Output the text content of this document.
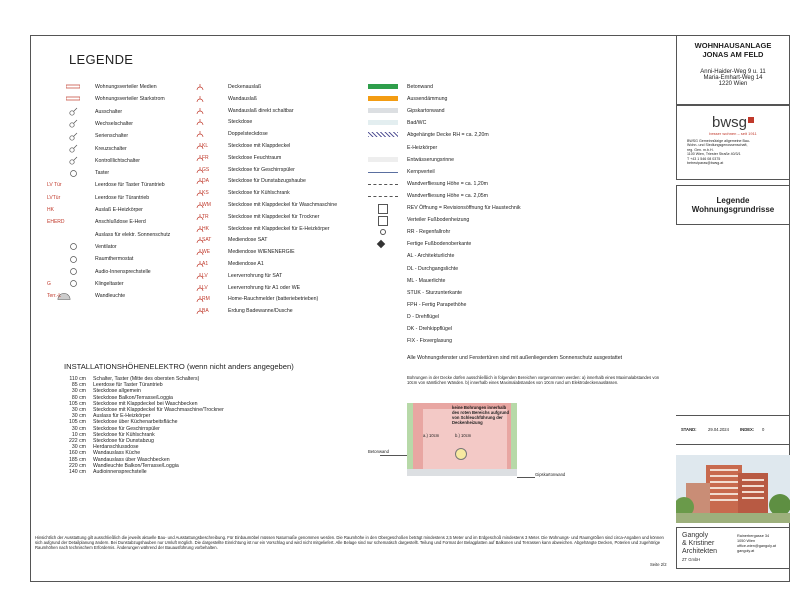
LEGENDE
Wohnungsverteiler Medien
Wohnungsverteiler Starkstrom
Ausschalter
Wechselschalter
Serienschalter
Kreuzschalter
Kontrolllichtschalter
Taster
LV Tür	Leerdose für Taster Türantrieb
LVTür	Leerdose für Türantrieb
HK	Auslaß E-Heizkörper
EHERD	Anschlußdose E-Herd
Auslass für elektr. Sonnenschutz
Ventilator
Raumthermostat
Audio-Innensprechstelle
G	Klingeltaster
Terr.-L	Wandleuchte
Deckenauslaß
Wandauslaß
Wandauslaß direkt schaltbar
Steckdose
Doppelsteckdose
KL	Steckdose mit Klappdeckel
FR	Steckdose Feuchtraum
GS	Steckdose für Geschirrspüler
DA	Steckdose für Dunstabzugshaube
KS	Steckdose für Kühlschrank
WM	Steckdose mit Klappdeckel für Waschmaschine
TR	Steckdose mit Klappdeckel für Trockner
HK	Steckdose mit Klappdeckel für E-Heizkörper
SAT	Mediendose SAT
WE	Mediendose WIENENERGIE
A1	Mediendose A1
LV	Leerverrohrung für SAT
LV	Leerverrohrung für A1 oder WE
RM	Home-Rauchmelder (batteriebetrieben)
BA	Erdung Badewanne/Dusche
Betonwand
Aussendämmung
Gipskartonwand
Bad/WC
Abgehängte Decke RH = ca. 2,20m
E-Heizkörper
Entwässerungsrinne
Kernpverteil
Wandverfliesung Höhe = ca. 1,20m
Wandverfliesung Höhe = ca. 2,05m
REV Öffnung = Revisionsöffnung für Haustechnik
Verteiler Fußbodenheizung
RR - Regenfallrohr
Fertige Fußbodenoberkante
AL - Architekturlichte
DL - Durchgangslichte
ML - Mauerlichte
STUK - Sturzunterkante
FPH - Fertig Parapethöhe
D - Drehflügel
DK - Drehkippflügel
FIX - Fixverglasung
Alle Wohnungsfenster und Fenstertüren sind mit außenliegendem Sonnenschutz ausgestattet
Bohrungen in der Decke dürfen ausschließlich in folgenden Bereichen vorgenommen werden: a) innerhalb eines Maximalabstandes von 10cm von sämtlichen Wänden. b) innerhalb eines Maximalabstandes von 10cm rund um Elektrodeckenauslässen.
a.) 10cm	b.) 10cm
keine Bohrungen innerhalb des roten Bereichs aufgrund von Schleuchführung der Deckenheizung
Betonwand
Gipskartonwand
INSTALLATIONSHÖHENELEKTRO (wenn nicht anders angegeben)
110 cm Schalter, Taster (Mitte des obersten Schalters)
85 cm Leerdose für Taster Türantrieb
30 cm Steckdose allgemein
80 cm Steckdose Balkon/Terrasse/Loggia
105 cm Steckdose mit Klappdeckel bei Waschbecken
30 cm Steckdose mit Klappdeckel für Waschmaschine/Trockner
30 cm Auslass für E-Heizkörper
105 cm Steckdose über Küchenarbeitsfläche
30 cm Steckdose für Geschirrspüler
10 cm Steckdose für Kühlschrank
222 cm Steckdose für Dunstabzug
30 cm Herdanschlussdose
160 cm Wandauslass Küche
185 cm Wandauslass über Waschbecken
220 cm Wandleuchte Balkon/Terrasse/Loggia
140 cm Audioinnensprechstelle
Hinsichtlich der Ausstattung gilt ausschließlich die jeweils aktuelle Bau- und Ausstattungsbeschreibung. Für Einbaumöbel müssen Naturmaße genommen werden. Die Raumhöhe in den Obergeschoßen beträgt mindestens 2,5 Meter und im Erdgeschoß mindestens 3 Meter. Die Wohnungs- und Raumgrößen sind circa-Angaben und können sich aufgrund der Detailplanung ändern. Bei Dunstabzugshauben nur Umluft möglich. Die dargestellte Einrichtung ist nur ein Vorschlag und wird nicht mitgeliefert. Alle Belage sind nur schematisch dargestellt. Teilung und Format der Belagplatten auf Balkonen und Terrassen kann abweichen. Abgehängte Decken, Poterien und zugehörige Raumhöhen nach technischem Erfordernis. Änderungen während der Bauausführung vorbehalten.
Seite 2/2
WOHNHAUSANLAGE
JONAS AM FELD
Anni-Haider-Weg 9 u. 11
Maria-Emhart-Weg 14
1220 Wien
bwsg
besser wohnen – seit 1911
BWSG Gemeinnützige allgemeine Bau-
Wohn- und Siedlungsgenossenschaft,
reg. Gen. m.b.H.
1100 Wien, Triester Straße 40/3/1
T +43 1 546 08 0375
betreutparas@bwsg.at
Legende
Wohnungsgrundrisse
STAND:	29.04.2024	INDEX: 0
Gangoly
& Kristiner
Architekten
ZT GmbH
Rainerbergasse 34
1050 Wien
office.wien@gangoly.at
gangoly.at
